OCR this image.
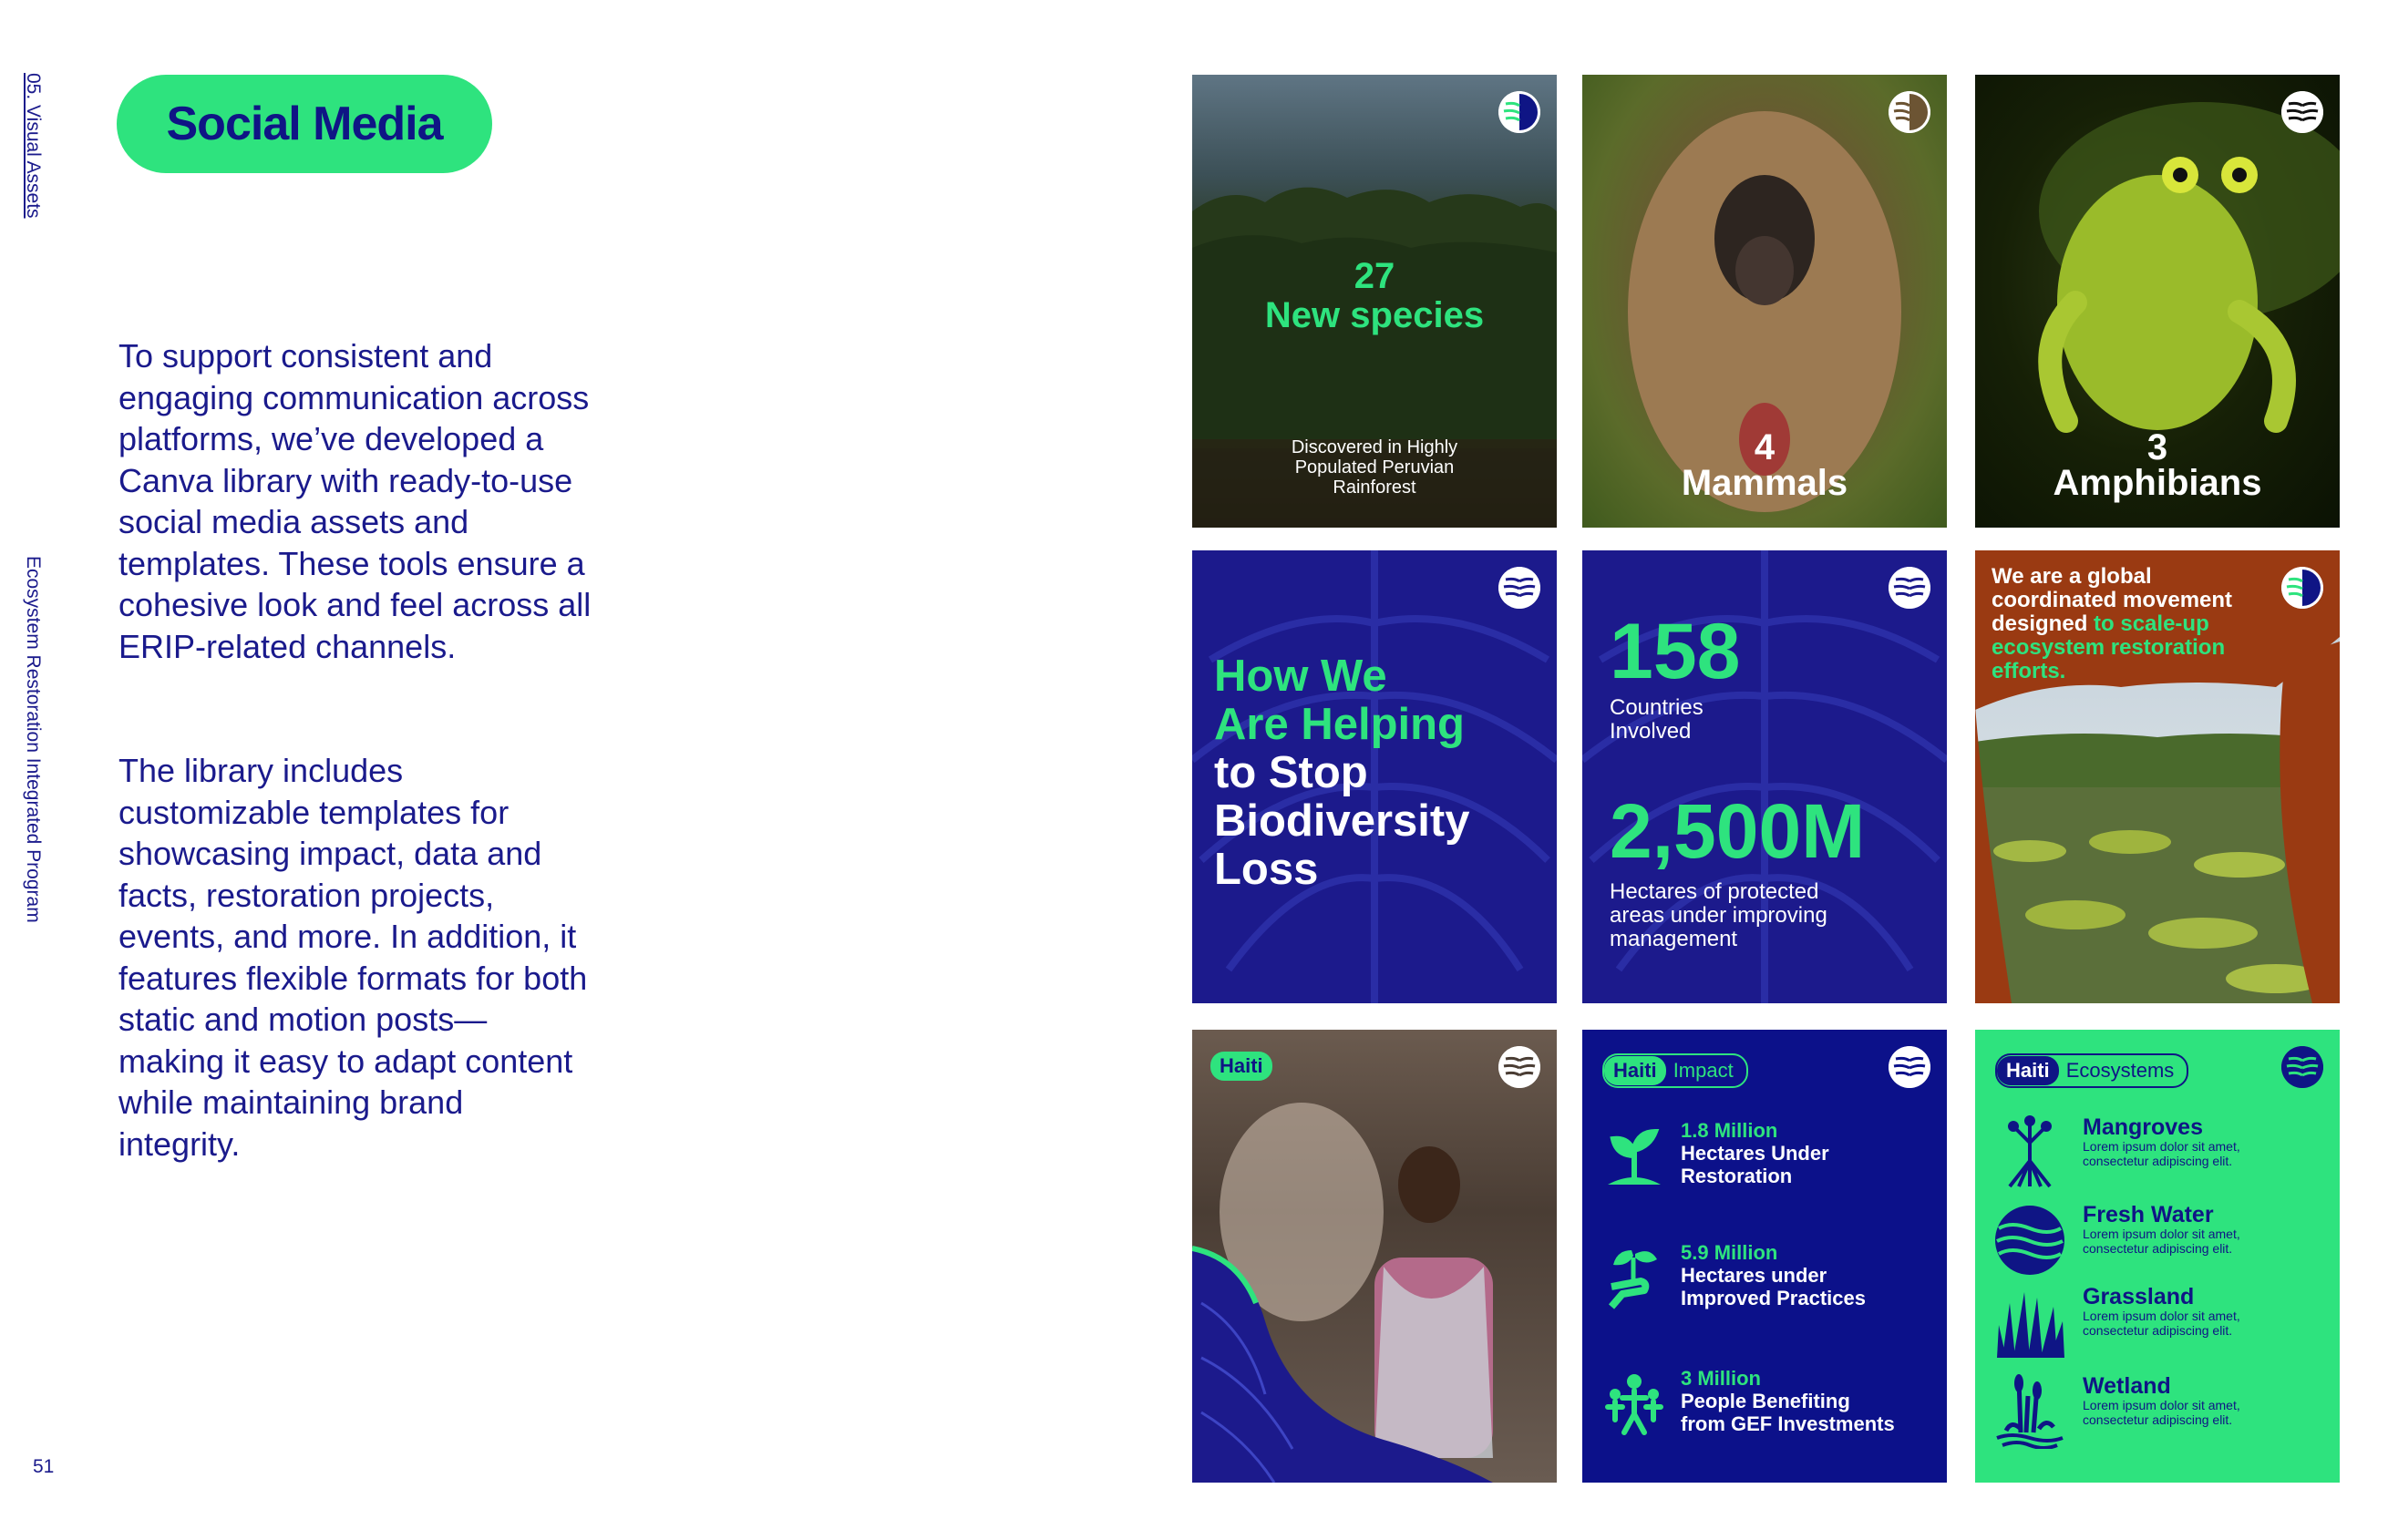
05. Visual Assets
Ecosystem Restoration Integrated Program
51
Social Media

To support consistent and engaging communication across platforms, we’ve developed a Canva library with ready-to-use social media assets and templates. These tools ensure a cohesive look and feel across all ERIP-related channels.

The library includes customizable templates for showcasing impact, data and facts, restoration projects, events, and more. In addition, it features flexible formats for both static and motion posts—making it easy to adapt content while maintaining brand integrity.

27
New species
Discovered in Highly Populated Peruvian Rainforest
4
Mammals
3
Amphibians
How We
Are Helping
to Stop
Biodiversity
Loss
158
Countries
Involved
2,500M
Hectares of protected
areas under improving
management
We are a global
coordinated movement
designed to scale-up
ecosystem restoration
efforts.
Haiti	Haiti Impact
1.8 Million
Hectares Under
Restoration
5.9 Million
Hectares under
Improved Practices
3 Million
People Benefiting
from GEF Investments
Haiti Ecosystems
Mangroves
Lorem ipsum dolor sit amet,
consectetur adipiscing elit.
Fresh Water
Lorem ipsum dolor sit amet,
consectetur adipiscing elit.
Grassland
Lorem ipsum dolor sit amet,
consectetur adipiscing elit.
Wetland
Lorem ipsum dolor sit amet,
consectetur adipiscing elit.
